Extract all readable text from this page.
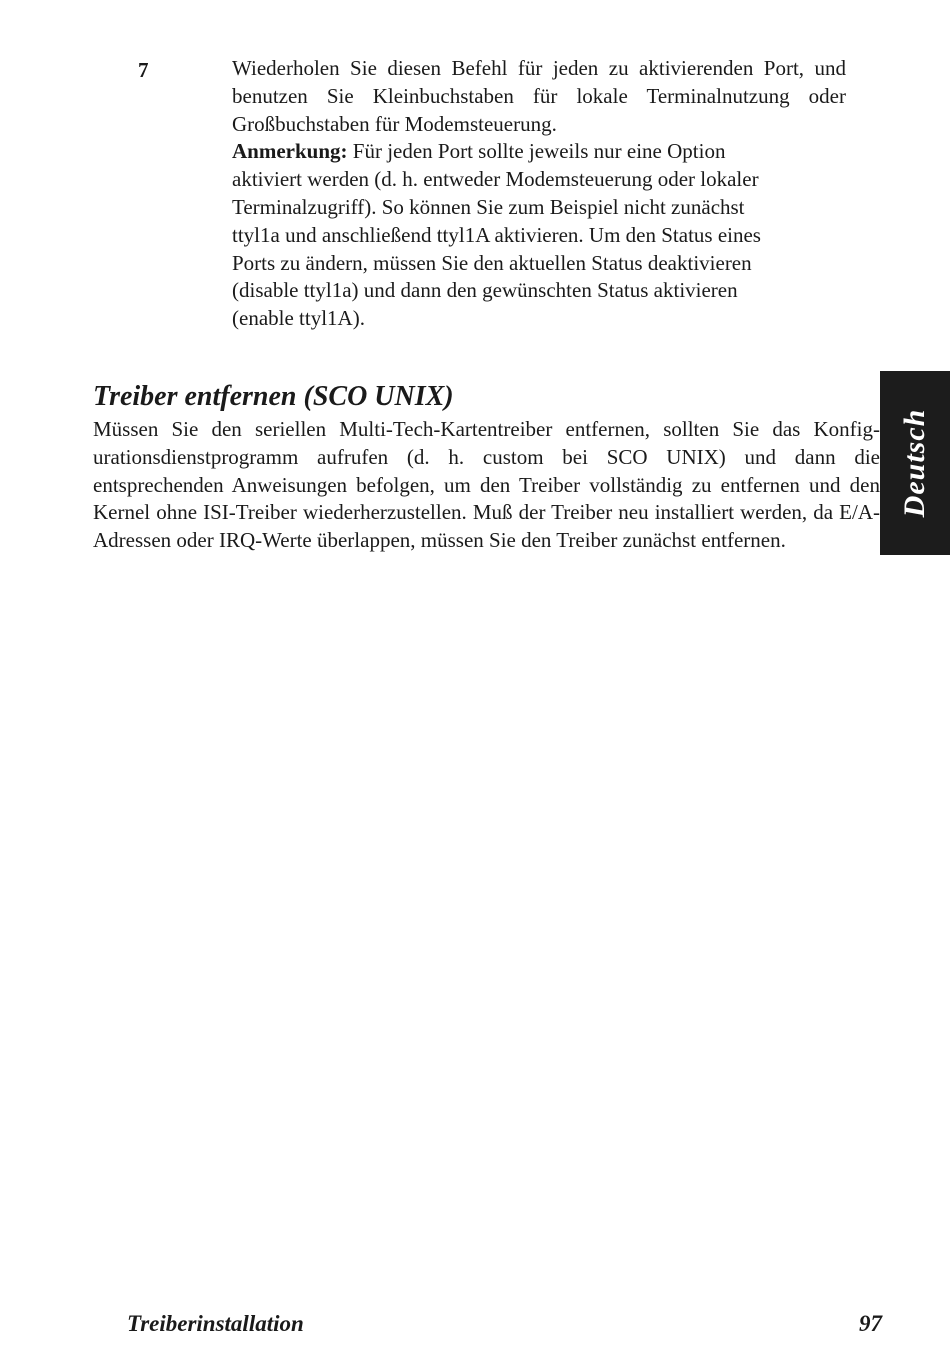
7	Wiederholen Sie diesen Befehl für jeden zu aktivierenden Port, und benutzen Sie Kleinbuchstaben für lokale Terminalnutzung oder Großbuchstaben für Modemsteuerung.

Anmerkung: Für jeden Port sollte jeweils nur eine Option
aktiviert werden (d. h. entweder Modemsteuerung oder lokaler
Terminalzugriff). So können Sie zum Beispiel nicht zunächst
ttyl1a und anschließend ttyl1A aktivieren. Um den Status eines
Ports zu ändern, müssen Sie den aktuellen Status deaktivieren
(disable ttyl1a) und dann den gewünschten Status aktivieren
(enable ttyl1A).

Treiber entfernen (SCO UNIX)

Müssen Sie den seriellen Multi-Tech-Kartentreiber entfernen, sollten Sie das Konfig- urationsdienstprogramm aufrufen (d. h. custom bei SCO UNIX) und dann die entsprechenden Anweisungen befolgen, um den Treiber vollständig zu entfernen und den Kernel ohne ISI-Treiber wiederherzustellen. Muß der Treiber neu installiert werden, da E/A-Adressen oder IRQ-Werte überlappen, müssen Sie den Treiber zunächst entfernen.

Deutsch
Treiberinstallation	97
